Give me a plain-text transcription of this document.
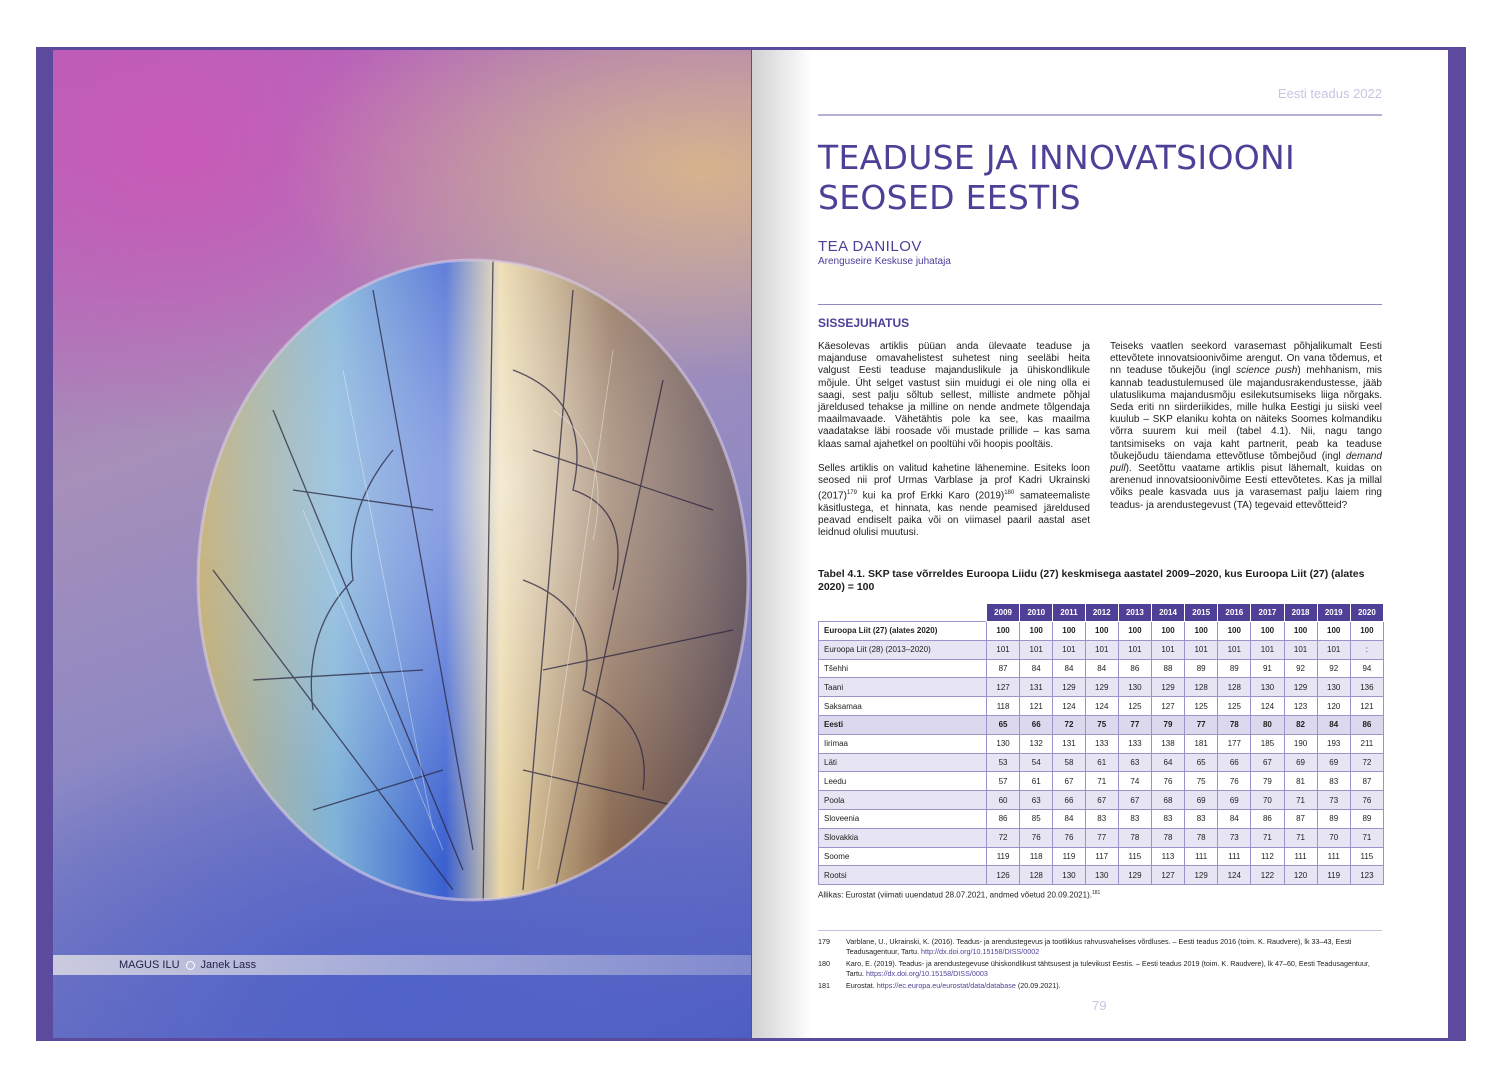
MAGUS ILU Janek Lass
Eesti teadus 2022
TEADUSE JA INNOVATSIOONI
SEOSED EESTIS
TEA DANILOV
Arenguseire Keskuse juhataja
SISSEJUHATUS

Käesolevas artiklis püüan anda ülevaate teaduse ja majanduse omavahelistest suhetest ning seeläbi heita valgust Eesti teaduse majanduslikule ja ühiskondlikule mõjule. Üht selget vastust siin muidugi ei ole ning olla ei saagi, sest palju sõltub sellest, milliste andmete põhjal järeldused tehakse ja milline on nende andmete tõlgendaja maailmavaade. Vähetähtis pole ka see, kas maailma vaadatakse läbi roosade või mustade prillide – kas sama klaas samal ajahetkel on pooltühi või hoopis pooltäis.

Selles artiklis on valitud kahetine lähenemine. Esiteks loon seosed nii prof Urmas Varblase ja prof Kadri Ukrainski $(2017)^{179}$ kui ka prof Erkki Karo $(2019)^{180}$ samateemaliste käsitlustega, et hinnata, kas nende peamised järeldused peavad endiselt paika või on viimasel paaril aastal aset leidnud olulisi muutusi.

Teiseks vaatlen seekord varasemast põhjalikumalt Eesti ettevõtete innovatsioonivõime arengut. On vana tõdemus, et nn teaduse tõukejõu (ingl science push) mehhanism, mis kannab teadustulemused üle majandusrakendustesse, jääb ulatuslikuma majandusmõju esilekutsumiseks liiga nõrgaks. Seda eriti nn siirderiikides, mille hulka Eestigi ju siiski veel kuulub – SKP elaniku kohta on näiteks Soomes kolmandiku võrra suurem kui meil (tabel 4.1). Nii, nagu tango tantsimiseks on vaja kaht partnerit, peab ka teaduse tõukejõudu täiendama ettevõtluse tõmbejõud (ingl demand pull). Seetõttu vaatame artiklis pisut lähemalt, kuidas on arenenud innovatsioonivõime Eesti ettevõtetes. Kas ja millal võiks peale kasvada uus ja varasemast palju laiem ring teadus- ja arendustegevust (TA) tegevaid ettevõtteid?

Tabel 4.1. SKP tase võrreldes Euroopa Liidu (27) keskmisega aastatel 2009–2020, kus Euroopa Liit (27) (alates 2020) = 100
	2009	2010	2011	2012	2013	2014	2015	2016	2017	2018	2019	2020
Euroopa Liit (27) (alates 2020)	100	100	100	100	100	100	100	100	100	100	100	100
Euroopa Liit (28) (2013–2020)	101	101	101	101	101	101	101	101	101	101	101	:
Tšehhi	87	84	84	84	86	88	89	89	91	92	92	94
Taani	127	131	129	129	130	129	128	128	130	129	130	136
Saksamaa	118	121	124	124	125	127	125	125	124	123	120	121
Eesti	65	66	72	75	77	79	77	78	80	82	84	86
Iirimaa	130	132	131	133	133	138	181	177	185	190	193	211
Läti	53	54	58	61	63	64	65	66	67	69	69	72
Leedu	57	61	67	71	74	76	75	76	79	81	83	87
Poola	60	63	66	67	67	68	69	69	70	71	73	76
Sloveenia	86	85	84	83	83	83	83	84	86	87	89	89
Slovakkia	72	76	76	77	78	78	78	73	71	71	70	71
Soome	119	118	119	117	115	113	111	111	112	111	111	115
Rootsi	126	128	130	130	129	127	129	124	122	120	119	123
Allikas: Eurostat (viimati uuendatud 28.07.2021, andmed võetud 20.09.2021).$^{181}$
179	Varblane, U., Ukrainski, K. (2016). Teadus- ja arendustegevus ja tootlikkus rahvusvahelises võrdluses. – Eesti teadus 2016 (toim. K. Raudvere), lk 33–43, Eesti Teadusagentuur, Tartu. http://dx.doi.org/10.15158/DISS/0002
180	Karo, E. (2019). Teadus- ja arendustegevuse ühiskondlikust tähtsusest ja tulevikust Eestis. – Eesti teadus 2019 (toim. K. Raudvere), lk 47–60, Eesti Teadusagentuur, Tartu. https://dx.doi.org/10.15158/DISS/0003
181	Eurostat. https://ec.europa.eu/eurostat/data/database (20.09.2021).
79
